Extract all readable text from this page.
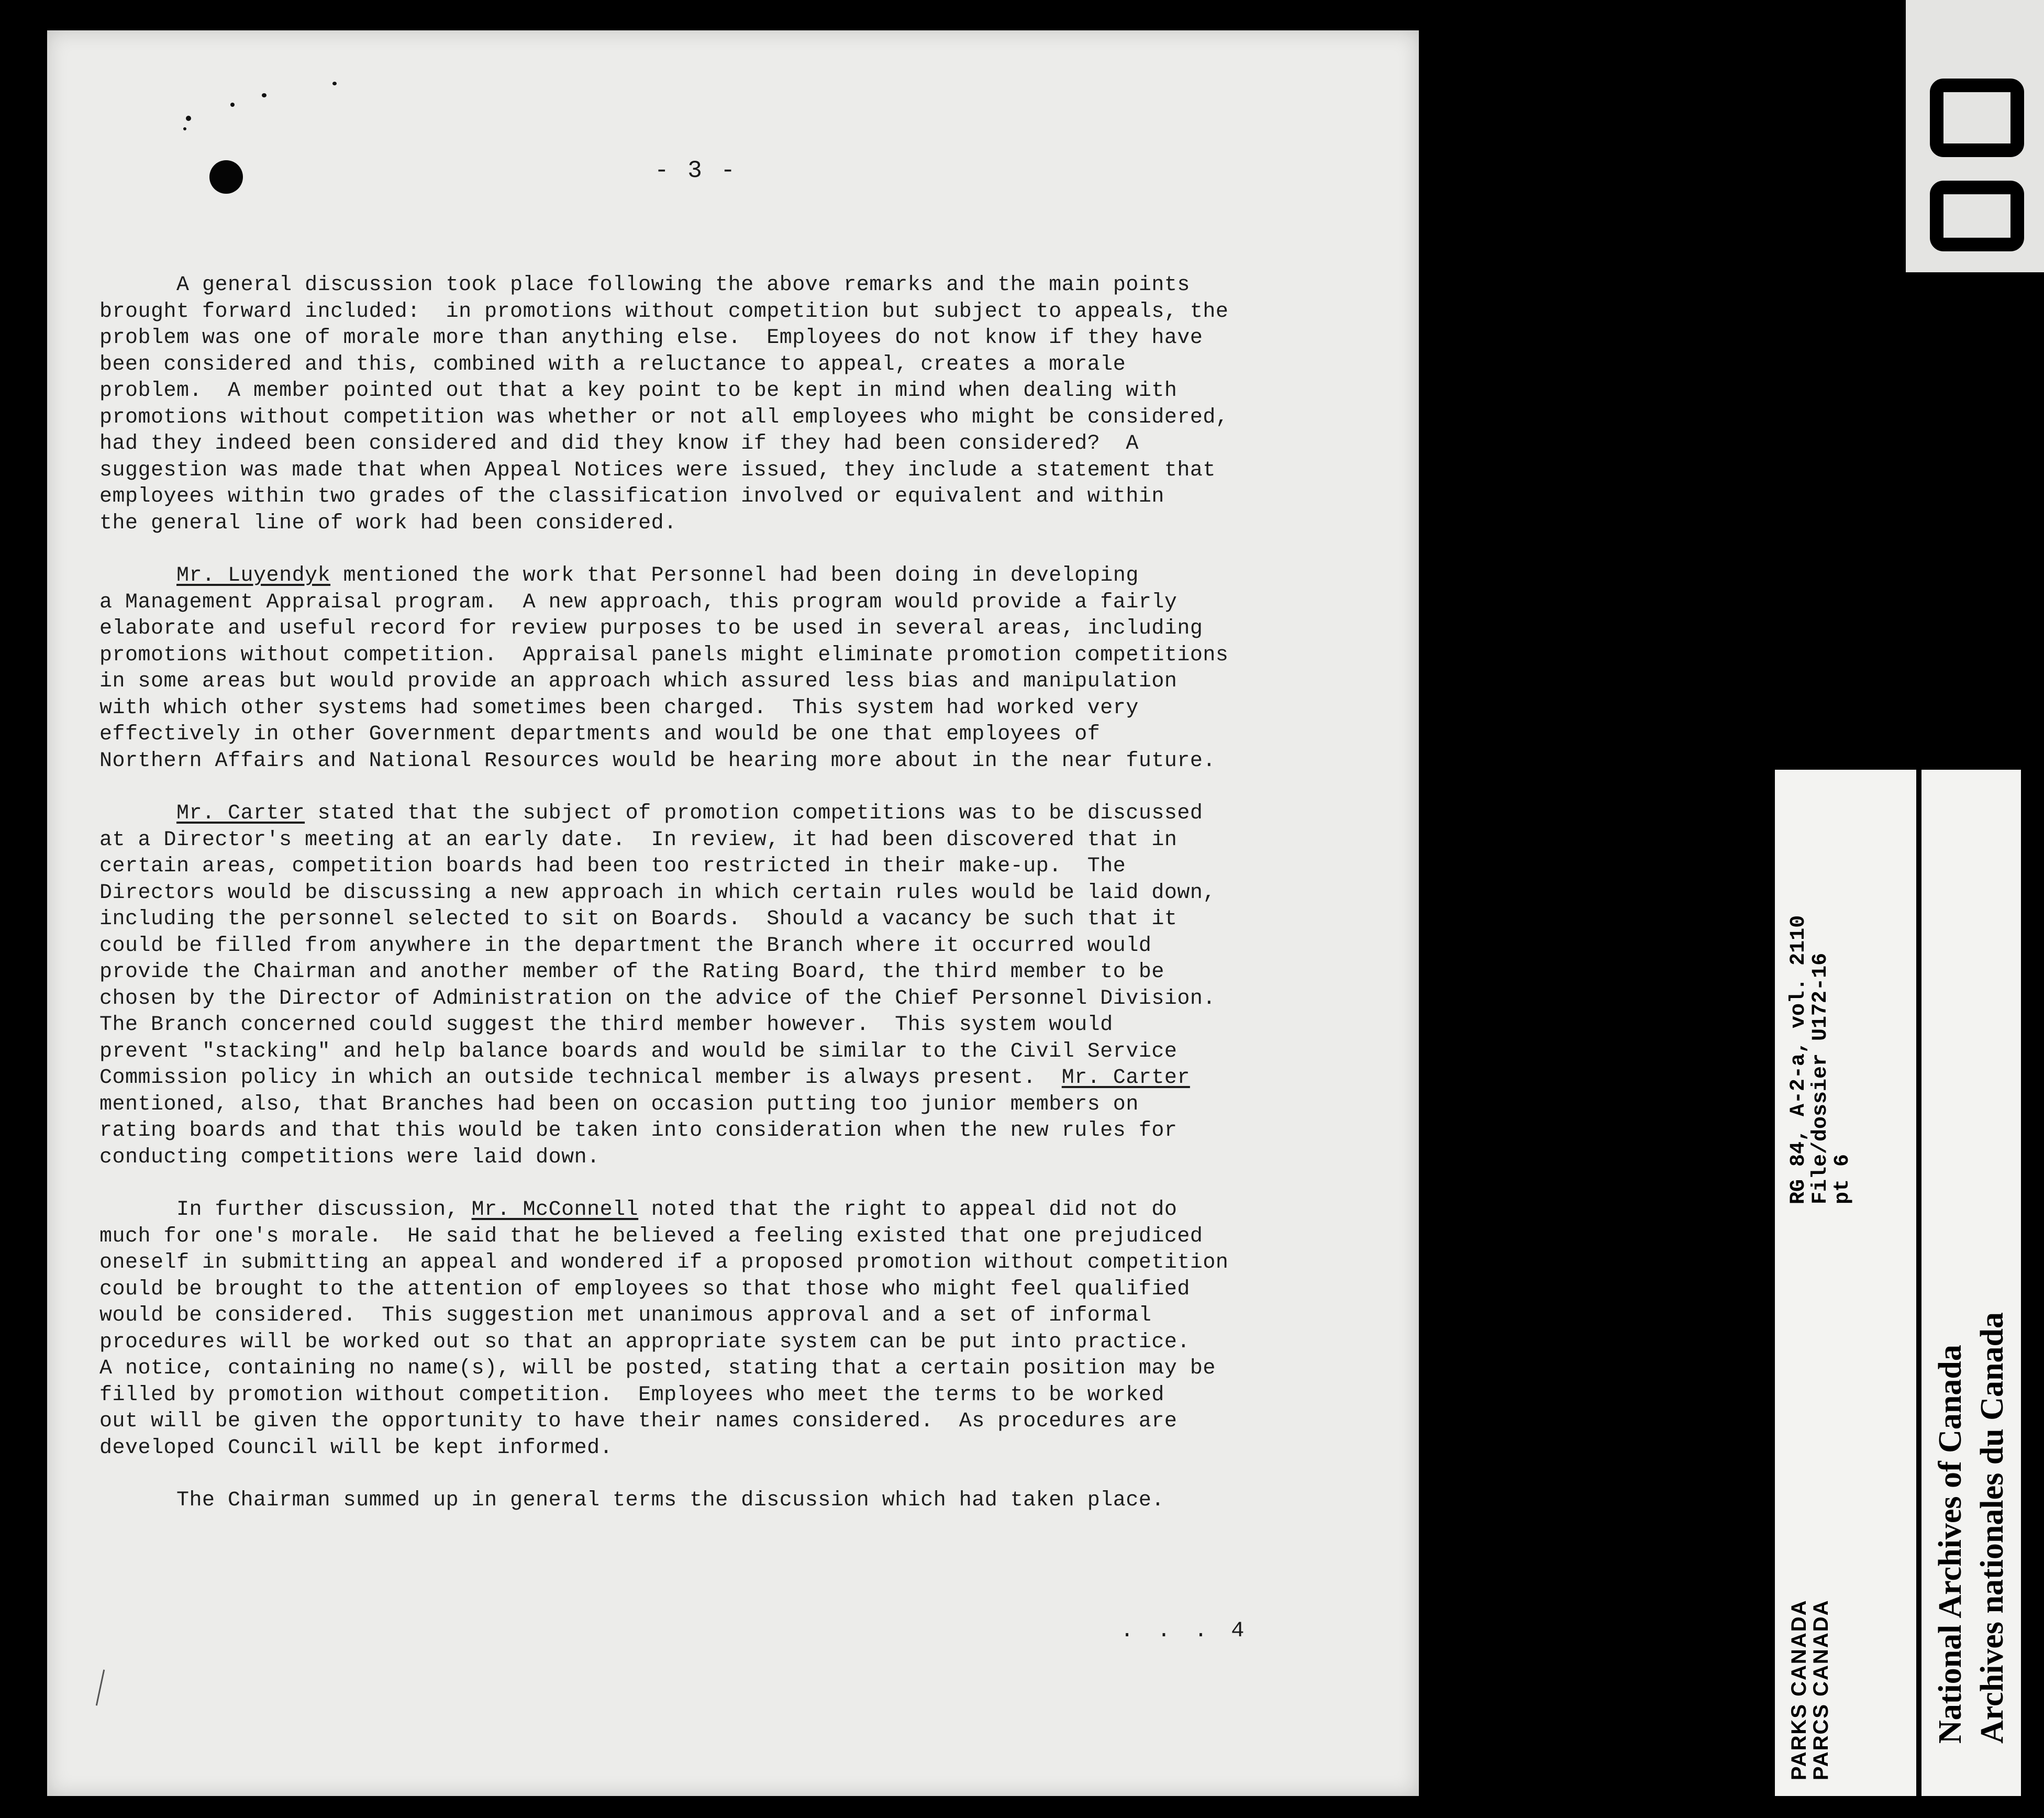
- 3 -

A general discussion took place following the above remarks and the main points
brought forward included:  in promotions without competition but subject to appeals, the
problem was one of morale more than anything else.  Employees do not know if they have
been considered and this, combined with a reluctance to appeal, creates a morale
problem.  A member pointed out that a key point to be kept in mind when dealing with
promotions without competition was whether or not all employees who might be considered,
had they indeed been considered and did they know if they had been considered?  A
suggestion was made that when Appeal Notices were issued, they include a statement that
employees within two grades of the classification involved or equivalent and within
the general line of work had been considered.

Mr. Luyendyk mentioned the work that Personnel had been doing in developing
a Management Appraisal program.  A new approach, this program would provide a fairly
elaborate and useful record for review purposes to be used in several areas, including
promotions without competition.  Appraisal panels might eliminate promotion competitions
in some areas but would provide an approach which assured less bias and manipulation
with which other systems had sometimes been charged.  This system had worked very
effectively in other Government departments and would be one that employees of
Northern Affairs and National Resources would be hearing more about in the near future.

Mr. Carter stated that the subject of promotion competitions was to be discussed
at a Director's meeting at an early date.  In review, it had been discovered that in
certain areas, competition boards had been too restricted in their make-up.  The
Directors would be discussing a new approach in which certain rules would be laid down,
including the personnel selected to sit on Boards.  Should a vacancy be such that it
could be filled from anywhere in the department the Branch where it occurred would
provide the Chairman and another member of the Rating Board, the third member to be
chosen by the Director of Administration on the advice of the Chief Personnel Division.
The Branch concerned could suggest the third member however.  This system would
prevent "stacking" and help balance boards and would be similar to the Civil Service
Commission policy in which an outside technical member is always present.  Mr. Carter
mentioned, also, that Branches had been on occasion putting too junior members on
rating boards and that this would be taken into consideration when the new rules for
conducting competitions were laid down.

In further discussion, Mr. McConnell noted that the right to appeal did not do
much for one's morale.  He said that he believed a feeling existed that one prejudiced
oneself in submitting an appeal and wondered if a proposed promotion without competition
could be brought to the attention of employees so that those who might feel qualified
would be considered.  This suggestion met unanimous approval and a set of informal
procedures will be worked out so that an appropriate system can be put into practice.
A notice, containing no name(s), will be posted, stating that a certain position may be
filled by promotion without competition.  Employees who meet the terms to be worked
out will be given the opportunity to have their names considered.  As procedures are
developed Council will be kept informed.

The Chairman summed up in general terms the discussion which had taken place.

. . . 4
RG 84, A-2-a, vol. 2110
File/dossier U172-16
pt 6
PARKS CANADA
PARCS CANADA	National Archives of Canada Archives nationales du Canada
